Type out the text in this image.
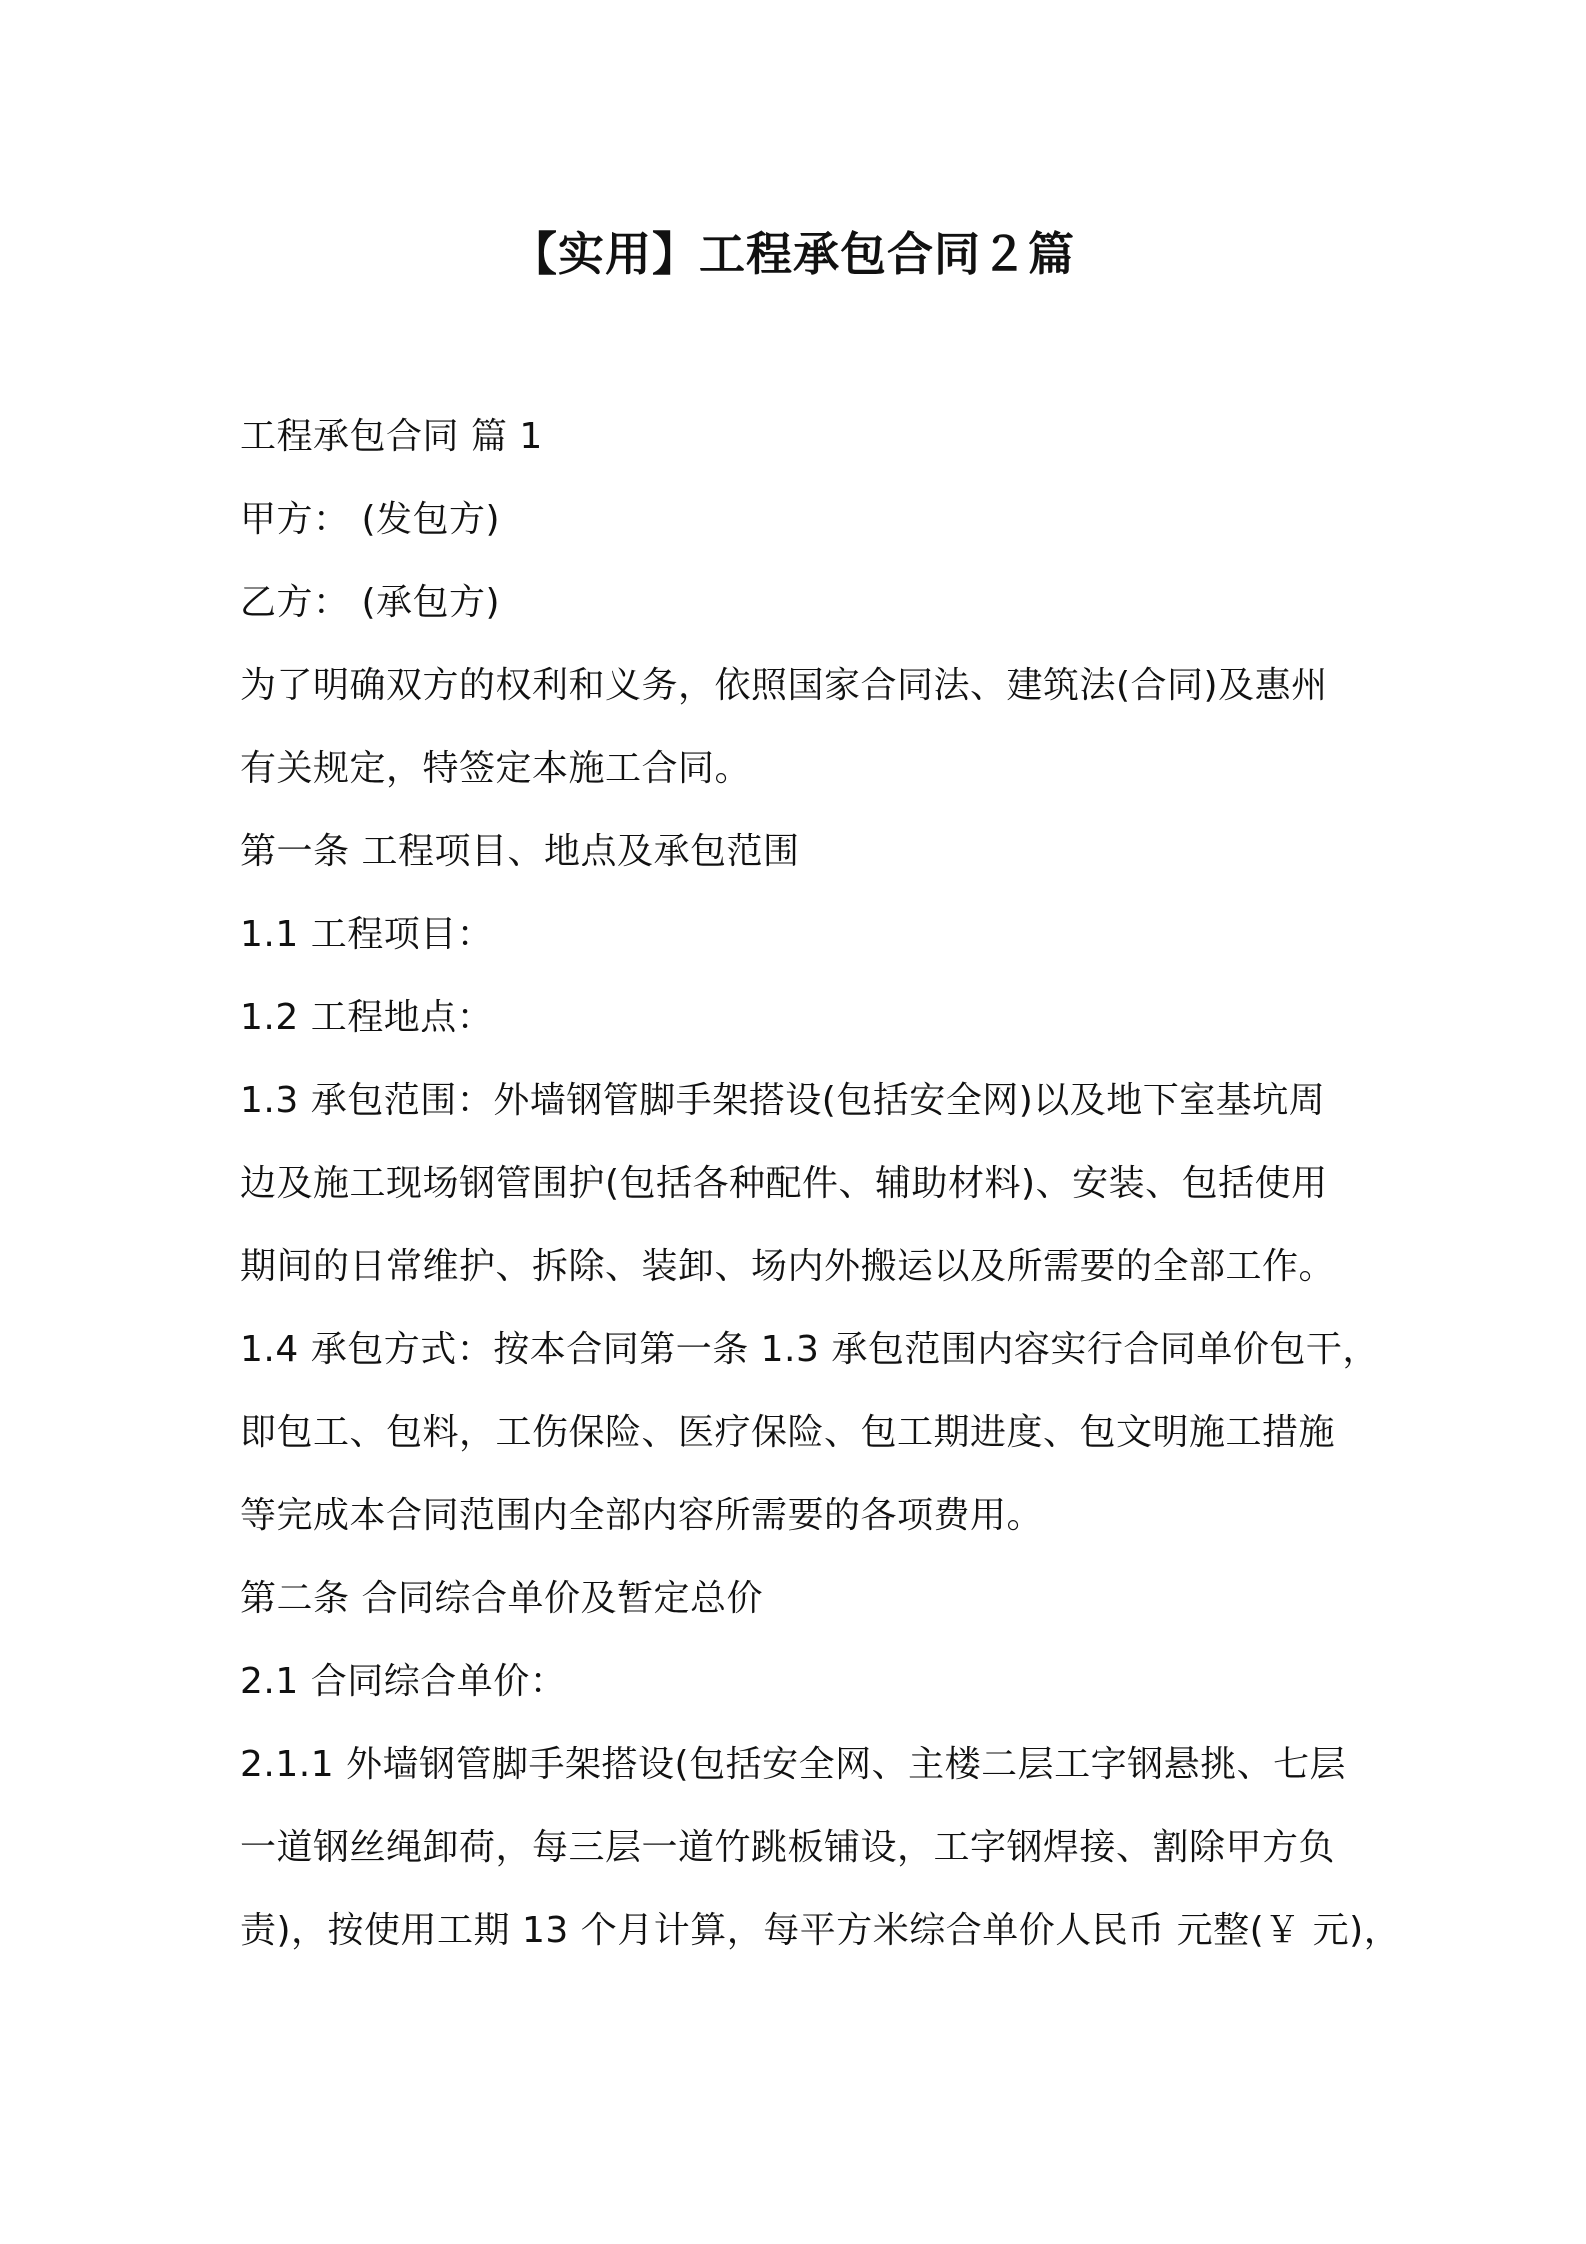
【实用】工程承包合同２篇
工程承包合同 篇 1
甲方： (发包方)
乙方： (承包方)
为了明确双方的权利和义务，依照国家合同法、建筑法(合同)及惠州
有关规定，特签定本施工合同。
第一条 工程项目、地点及承包范围
1.1 工程项目：
1.2 工程地点：
1.3 承包范围：外墙钢管脚手架搭设(包括安全网)以及地下室基坑周
边及施工现场钢管围护(包括各种配件、辅助材料)、安装、包括使用
期间的日常维护、拆除、装卸、场内外搬运以及所需要的全部工作。
1.4 承包方式：按本合同第一条 1.3 承包范围内容实行合同单价包干，
即包工、包料，工伤保险、医疗保险、包工期进度、包文明施工措施
等完成本合同范围内全部内容所需要的各项费用。
第二条 合同综合单价及暂定总价
2.1 合同综合单价：
2.1.1 外墙钢管脚手架搭设(包括安全网、主楼二层工字钢悬挑、七层
一道钢丝绳卸荷，每三层一道竹跳板铺设，工字钢焊接、割除甲方负
责)，按使用工期 13 个月计算，每平方米综合单价人民币 元整(￥ 元)，
